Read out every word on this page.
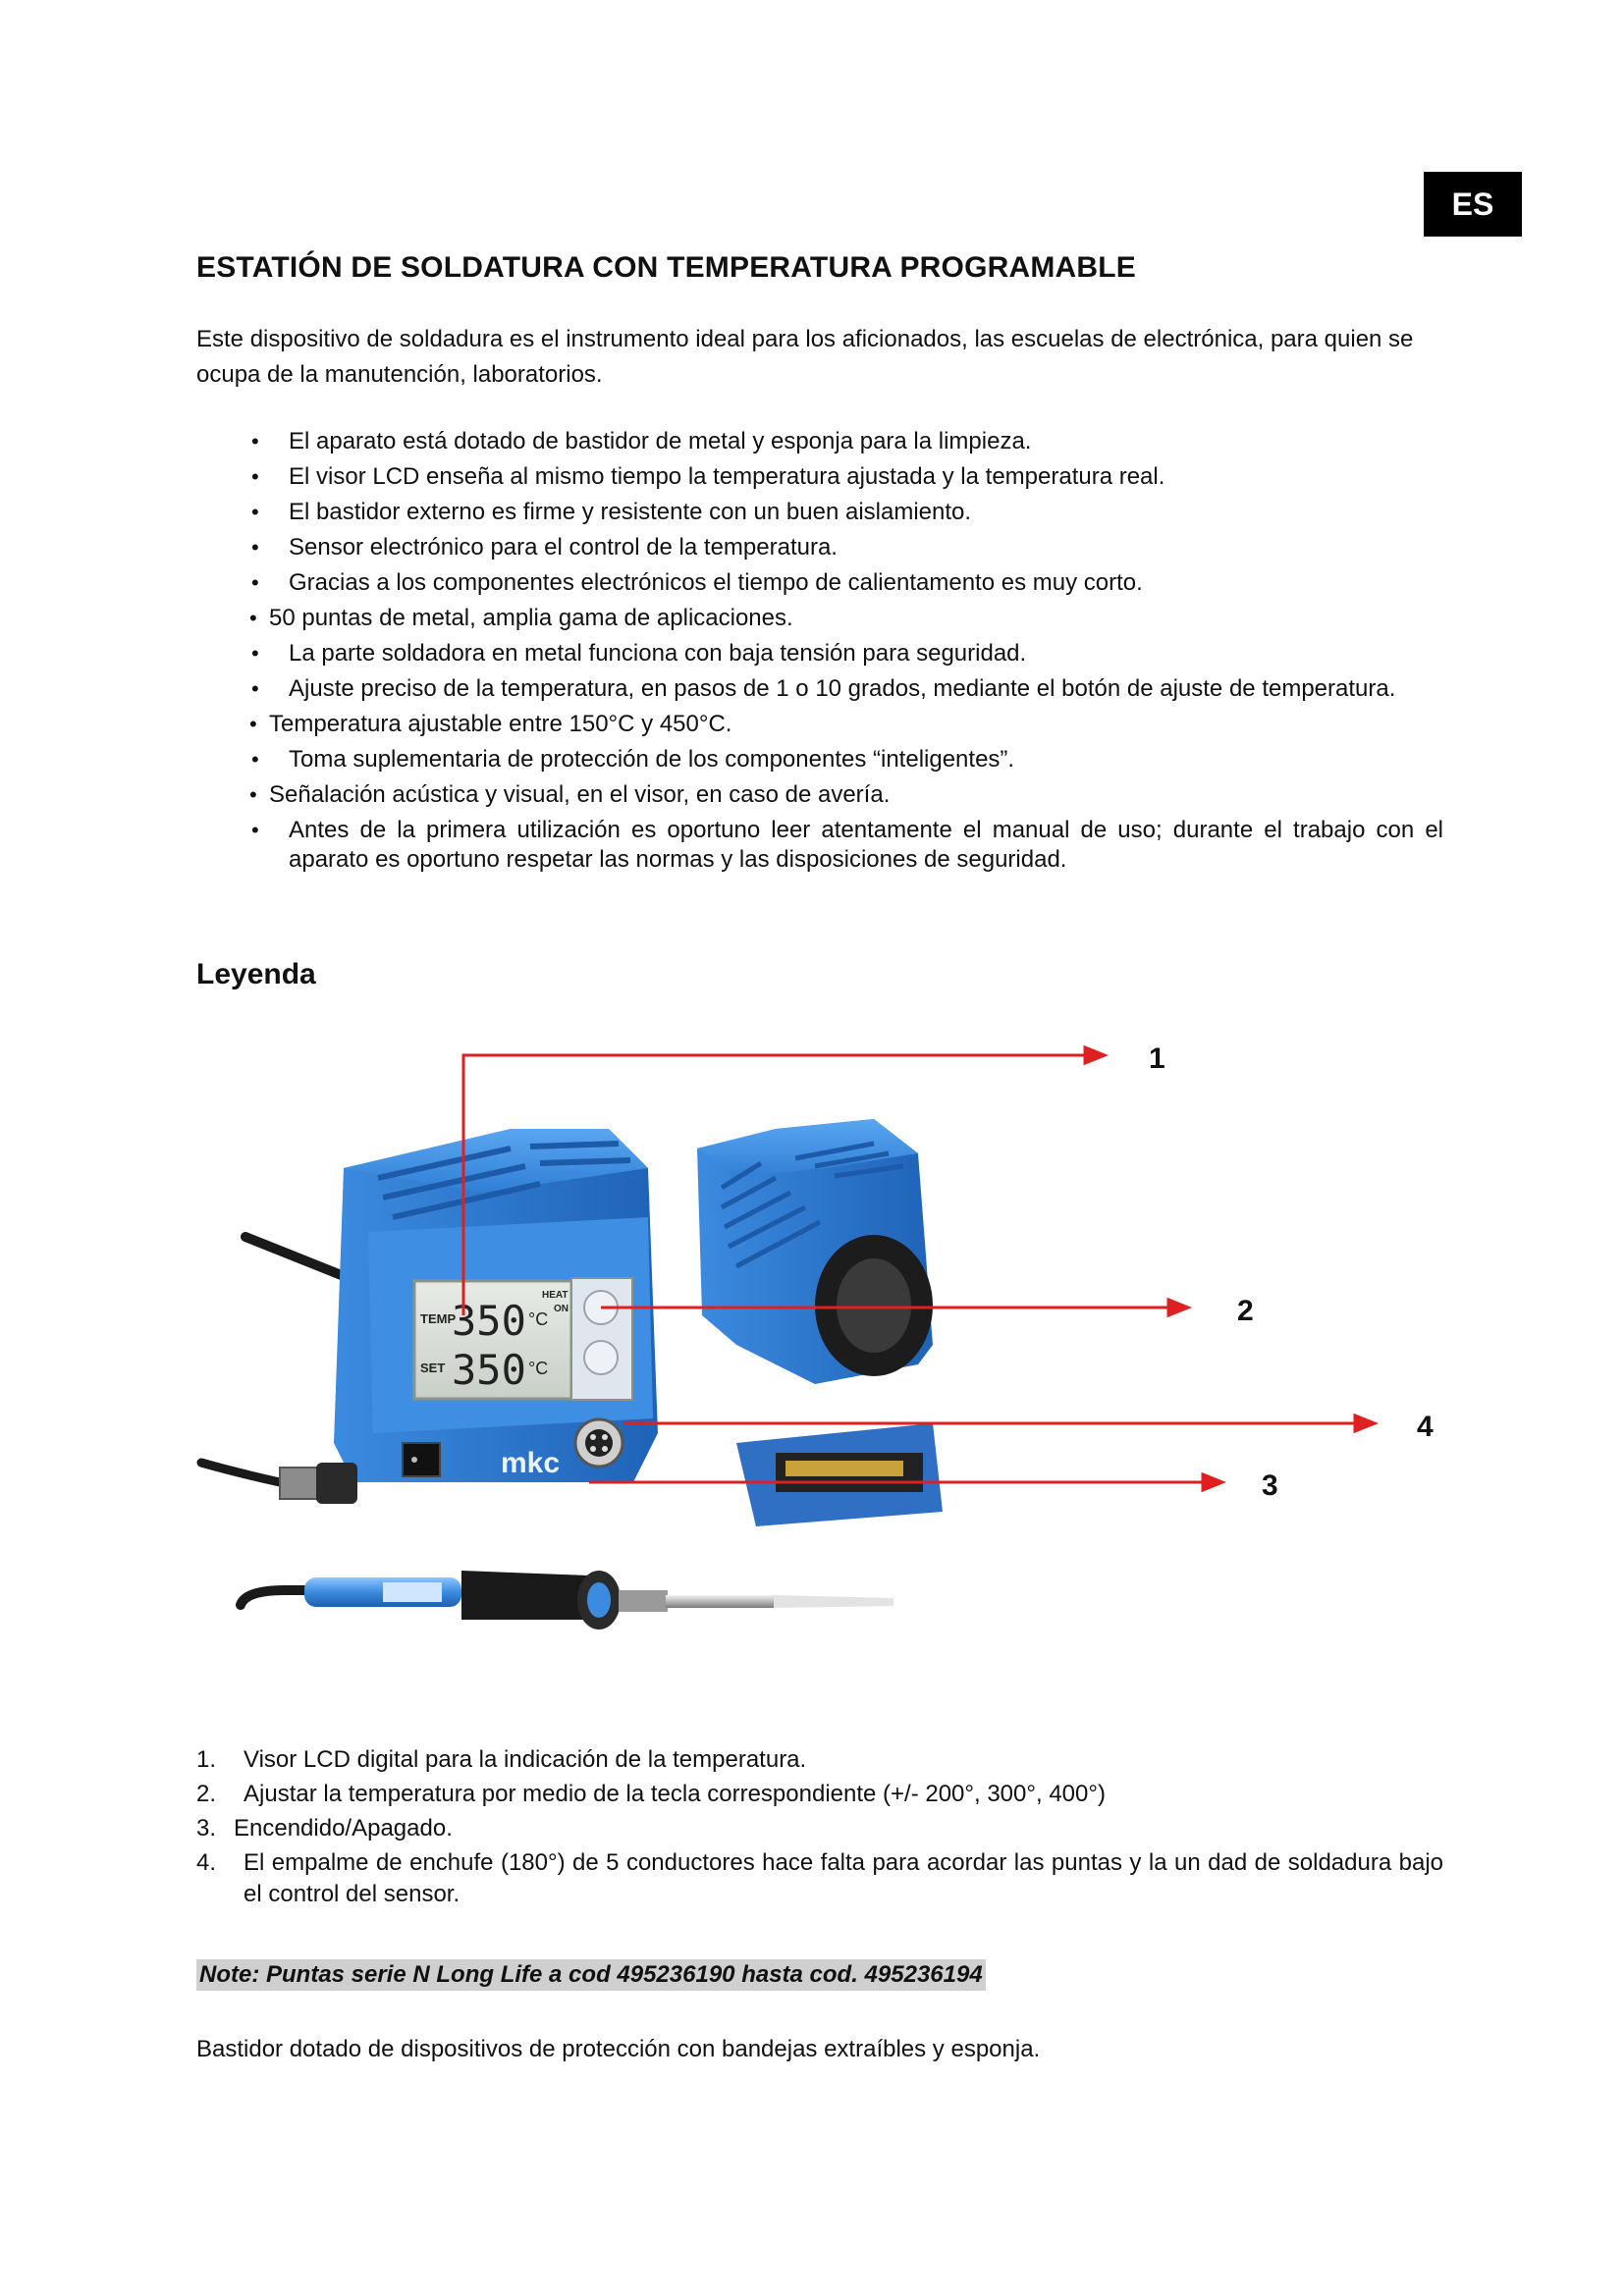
ES
ESTATIÓN DE SOLDATURA CON TEMPERATURA PROGRAMABLE

Este dispositivo de soldadura es el instrumento ideal para los aficionados, las escuelas de electrónica, para quien se ocupa de la manutención, laboratorios.

• El aparato está dotado de bastidor de metal y esponja para la limpieza.
• El visor LCD enseña al mismo tiempo la temperatura ajustada y la temperatura real.
• El bastidor externo es firme y resistente con un buen aislamiento.
• Sensor electrónico para el control de la temperatura.
• Gracias a los componentes electrónicos el tiempo de calientamento es muy corto.
• 50 puntas de metal, amplia gama de aplicaciones.
• La parte soldadora en metal funciona con baja tensión para seguridad.
• Ajuste preciso de la temperatura, en pasos de 1 o 10 grados, mediante el botón de ajuste de temperatura.
• Temperatura ajustable entre 150°C y 450°C.
• Toma suplementaria de protección de los componentes “inteligentes”.
• Señalación acústica y visual, en el visor, en caso de avería.
• Antes de la primera utilización es oportuno leer atentamente el manual de uso; durante el trabajo con el aparato es oportuno respetar las normas y las disposiciones de seguridad.
Leyenda
TEMP
350 °C
HEAT
ON
SET 350 °C
mkc
1
2
4
3
1. Visor LCD digital para la indicación de la temperatura.
2. Ajustar la temperatura por medio de la tecla correspondiente (+/- 200°, 300°, 400°)
3. Encendido/Apagado.
4. El empalme de enchufe (180°) de 5 conductores hace falta para acordar las puntas y la un dad de soldadura bajo el control del sensor.

Note: Puntas serie N Long Life a cod 495236190 hasta cod. 495236194

Bastidor dotado de dispositivos de protección con bandejas extraíbles y esponja.
